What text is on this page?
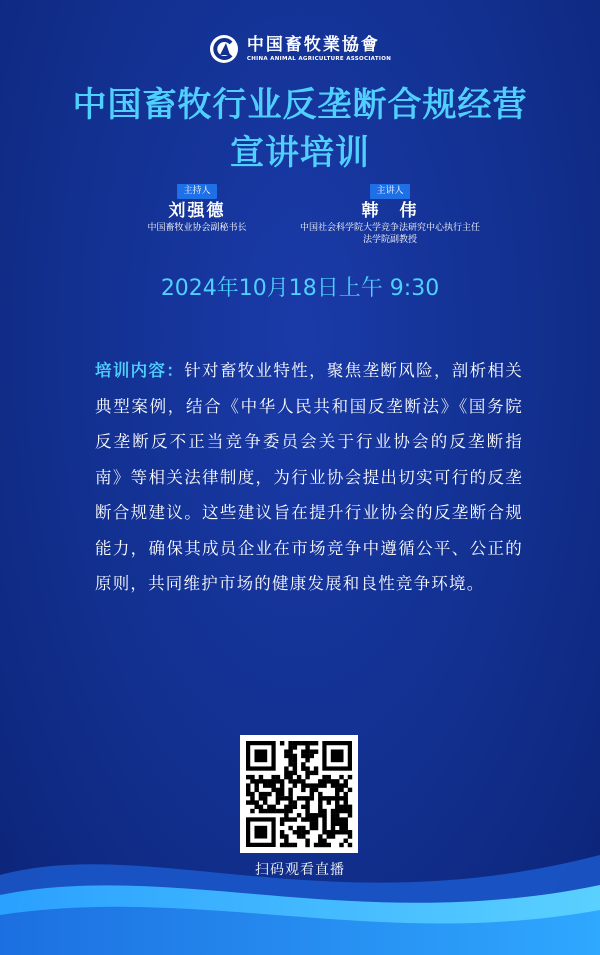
中国畜牧業協會
CHINA ANIMAL AGRICULTURE ASSOCIATION
中国畜牧行业反垄断合规经营
宣讲培训
主持人
刘强德
中国畜牧业协会副秘书长
主讲人
韩　伟
中国社会科学院大学竞争法研究中心执行主任
法学院副教授
2024年10月18日上午 9:30
培训内容：针对畜牧业特性，聚焦垄断风险，剖析相关典型案例，结合《中华人民共和国反垄断法》《国务院反垄断反不正当竞争委员会关于行业协会的反垄断指南》等相关法律制度，为行业协会提出切实可行的反垄断合规建议。这些建议旨在提升行业协会的反垄断合规能力，确保其成员企业在市场竞争中遵循公平、公正的原则，共同维护市场的健康发展和良性竞争环境。
扫码观看直播
